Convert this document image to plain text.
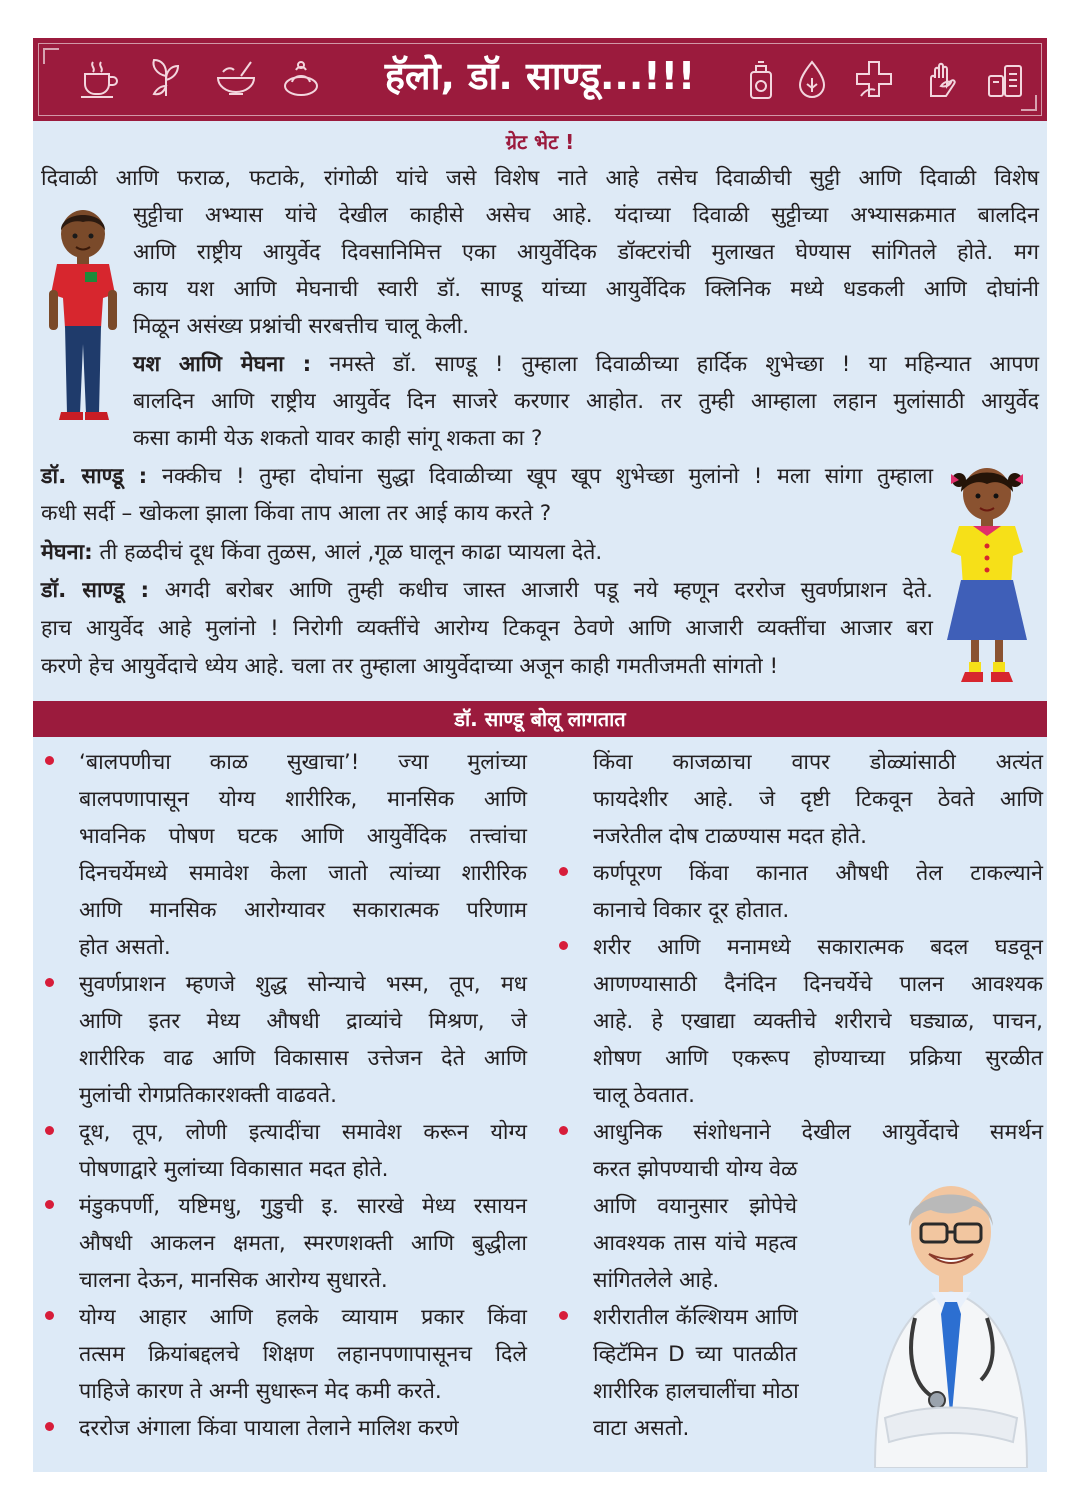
हॅलो, डॉ. साण्डू...!!!
ग्रेट भेट !
दिवाळी आणि फराळ, फटाके, रांगोळी यांचे जसे विशेष नाते आहे तसेच दिवाळीची सुट्टी आणि दिवाळी विशेष
सुट्टीचा अभ्यास यांचे देखील काहीसे असेच आहे. यंदाच्या दिवाळी सुट्टीच्या अभ्यासक्रमात बालदिन
आणि राष्ट्रीय आयुर्वेद दिवसानिमित्त एका आयुर्वेदिक डॉक्टरांची मुलाखत घेण्यास सांगितले होते. मग
काय यश आणि मेघनाची स्वारी डॉ. साण्डू यांच्या आयुर्वेदिक क्लिनिक मध्ये धडकली आणि दोघांनी
मिळून असंख्य प्रश्नांची सरबत्तीच चालू केली.
यश आणि मेघना : नमस्ते डॉ. साण्डू ! तुम्हाला दिवाळीच्या हार्दिक शुभेच्छा ! या महिन्यात आपण
बालदिन आणि राष्ट्रीय आयुर्वेद दिन साजरे करणार आहोत. तर तुम्ही आम्हाला लहान मुलांसाठी आयुर्वेद
कसा कामी येऊ शकतो यावर काही सांगू शकता का ?
डॉ. साण्डू : नक्कीच ! तुम्हा दोघांना सुद्धा दिवाळीच्या खूप खूप शुभेच्छा मुलांनो ! मला सांगा तुम्हाला
कधी सर्दी – खोकला झाला किंवा ताप आला तर आई काय करते ?
मेघना: ती हळदीचं दूध किंवा तुळस, आलं ,गूळ घालून काढा प्यायला देते.
डॉ. साण्डू : अगदी बरोबर आणि तुम्ही कधीच जास्त आजारी पडू नये म्हणून दररोज सुवर्णप्राशन देते.
हाच आयुर्वेद आहे मुलांनो ! निरोगी व्यक्तींचे आरोग्य टिकवून ठेवणे आणि आजारी व्यक्तींचा आजार बरा
करणे हेच आयुर्वेदाचे ध्येय आहे. चला तर तुम्हाला आयुर्वेदाच्या अजून काही गमतीजमती सांगतो !
डॉ. साण्डू बोलू लागतात
‘बालपणीचा काळ सुखाचा’! ज्या मुलांच्या
बालपणापासून योग्य शारीरिक, मानसिक आणि
भावनिक पोषण घटक आणि आयुर्वेदिक तत्त्वांचा
दिनचर्येमध्ये समावेश केला जातो त्यांच्या शारीरिक
आणि मानसिक आरोग्यावर सकारात्मक परिणाम
होत असतो.
सुवर्णप्राशन म्हणजे शुद्ध सोन्याचे भस्म, तूप, मध
आणि इतर मेध्य औषधी द्राव्यांचे मिश्रण, जे
शारीरिक वाढ आणि विकासास उत्तेजन देते आणि
मुलांची रोगप्रतिकारशक्ती वाढवते.
दूध, तूप, लोणी इत्यादींचा समावेश करून योग्य
पोषणाद्वारे मुलांच्या विकासात मदत होते.
मंडुकपर्णी, यष्टिमधु, गुडुची इ. सारखे मेध्य रसायन
औषधी आकलन क्षमता, स्मरणशक्ती आणि बुद्धीला
चालना देऊन, मानसिक आरोग्य सुधारते.
योग्य आहार आणि हलके व्यायाम प्रकार किंवा
तत्सम क्रियांबद्दलचे शिक्षण लहानपणापासूनच दिले
पाहिजे कारण ते अग्नी सुधारून मेद कमी करते.
दररोज अंगाला किंवा पायाला तेलाने मालिश करणे
किंवा काजळाचा वापर डोळ्यांसाठी अत्यंत
फायदेशीर आहे. जे दृष्टी टिकवून ठेवते आणि
नजरेतील दोष टाळण्यास मदत होते.
कर्णपूरण किंवा कानात औषधी तेल टाकल्याने
कानाचे विकार दूर होतात.
शरीर आणि मनामध्ये सकारात्मक बदल घडवून
आणण्यासाठी दैनंदिन दिनचर्येचे पालन आवश्यक
आहे. हे एखाद्या व्यक्तीचे शरीराचे घड्याळ, पाचन,
शोषण आणि एकरूप होण्याच्या प्रक्रिया सुरळीत
चालू ठेवतात.
आधुनिक संशोधनाने देखील आयुर्वेदाचे समर्थन
करत झोपण्याची योग्य वेळ
आणि वयानुसार झोपेचे
आवश्यक तास यांचे महत्व
सांगितलेले आहे.
शरीरातील कॅल्शियम आणि
व्हिटॅमिन D च्या पातळीत
शारीरिक हालचालींचा मोठा
वाटा असतो.
